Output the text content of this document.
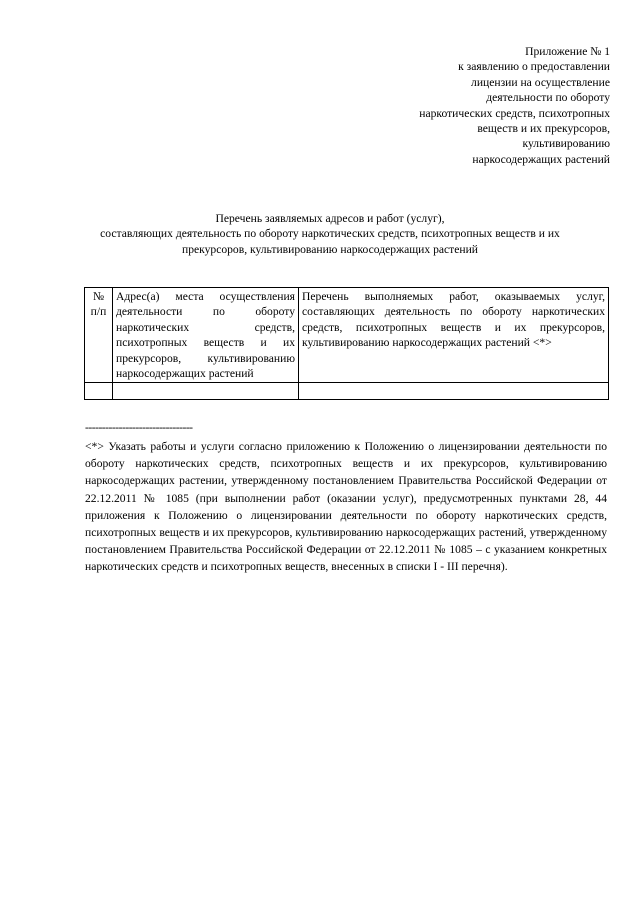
Приложение № 1
к заявлению о предоставлении
лицензии на осуществление
деятельности по обороту
наркотических средств, психотропных
веществ и их прекурсоров,
культивированию
наркосодержащих растений
Перечень заявляемых адресов и работ (услуг),
составляющих деятельность по обороту наркотических средств, психотропных веществ и их
прекурсоров, культивированию наркосодержащих растений
№ п/п	Адрес(а) места осуществления деятельности по обороту наркотических средств, психотропных веществ и их прекурсоров, культивированию наркосодержащих растений	Перечень выполняемых работ, оказываемых услуг, составляющих деятельность по обороту наркотических средств, психотропных веществ и их прекурсоров, культивированию наркосодержащих растений <*>

--------------------------------
<*> Указать работы и услуги согласно приложению к Положению о лицензировании деятельности по обороту наркотических средств, психотропных веществ и их прекурсоров, культивированию наркосодержащих растении, утвержденному постановлением Правительства Российской Федерации от 22.12.2011 № 1085 (при выполнении работ (оказании услуг), предусмотренных пунктами 28, 44 приложения к Положению о лицензировании деятельности по обороту наркотических средств, психотропных веществ и их прекурсоров, культивированию наркосодержащих растений, утвержденному постановлением Правительства Российской Федерации от 22.12.2011 № 1085 – с указанием конкретных наркотических средств и психотропных веществ, внесенных в списки I - III перечня).
